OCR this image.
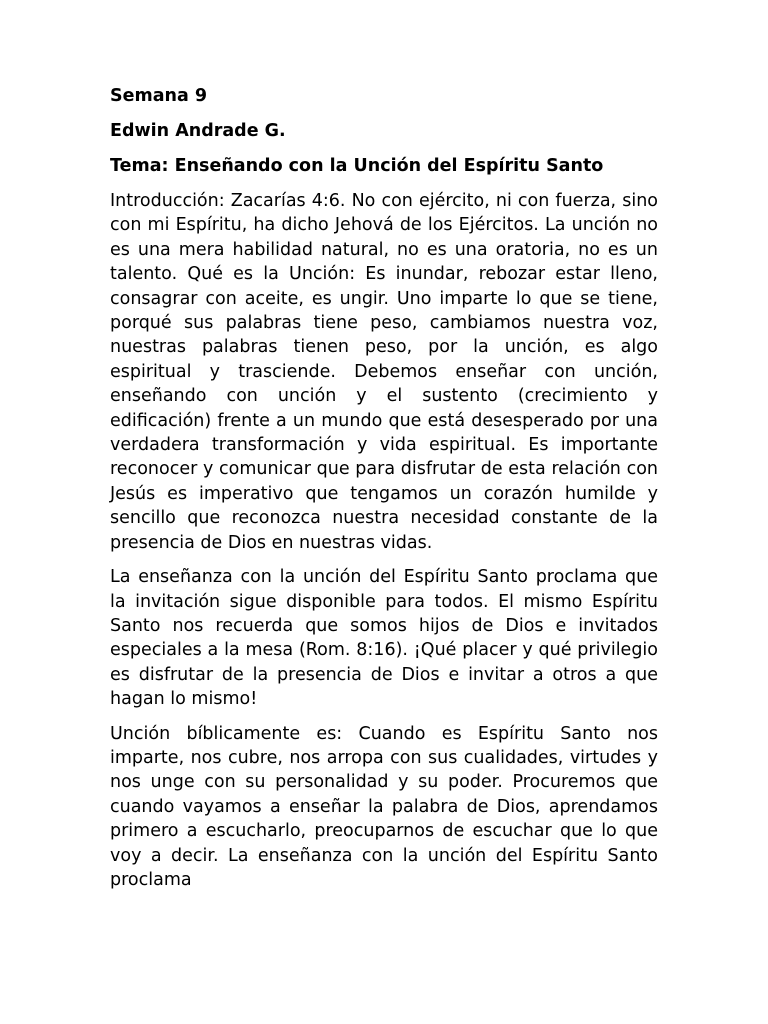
Semana 9
Edwin Andrade G.
Tema: Enseñando con la Unción del Espíritu Santo

Introducción: Zacarías 4:6. No con ejército, ni con fuerza, sino con mi Espíritu, ha dicho Jehová de los Ejércitos. La unción no es una mera habilidad natural, no es una oratoria, no es un talento. Qué es la Unción: Es inundar, rebozar estar lleno, consagrar con aceite, es ungir. Uno imparte lo que se tiene, porqué sus palabras tiene peso, cambiamos nuestra voz, nuestras palabras tienen peso, por la unción, es algo espiritual y trasciende. Debemos enseñar con unción, enseñando con unción y el sustento (crecimiento y edificación) frente a un mundo que está desesperado por una verdadera transformación y vida espiritual. Es importante reconocer y comunicar que para disfrutar de esta relación con Jesús es imperativo que tengamos un corazón humilde y sencillo que reconozca nuestra necesidad constante de la presencia de Dios en nuestras vidas.

La enseñanza con la unción del Espíritu Santo proclama que la invitación sigue disponible para todos. El mismo Espíritu Santo nos recuerda que somos hijos de Dios e invitados especiales a la mesa (Rom. 8:16). ¡Qué placer y qué privilegio es disfrutar de la presencia de Dios e invitar a otros a que hagan lo mismo!

Unción bíblicamente es: Cuando es Espíritu Santo nos imparte, nos cubre, nos arropa con sus cualidades, virtudes y nos unge con su personalidad y su poder. Procuremos que cuando vayamos a enseñar la palabra de Dios, aprendamos primero a escucharlo, preocuparnos de escuchar que lo que voy a decir. La enseñanza con la unción del Espíritu Santo proclama
